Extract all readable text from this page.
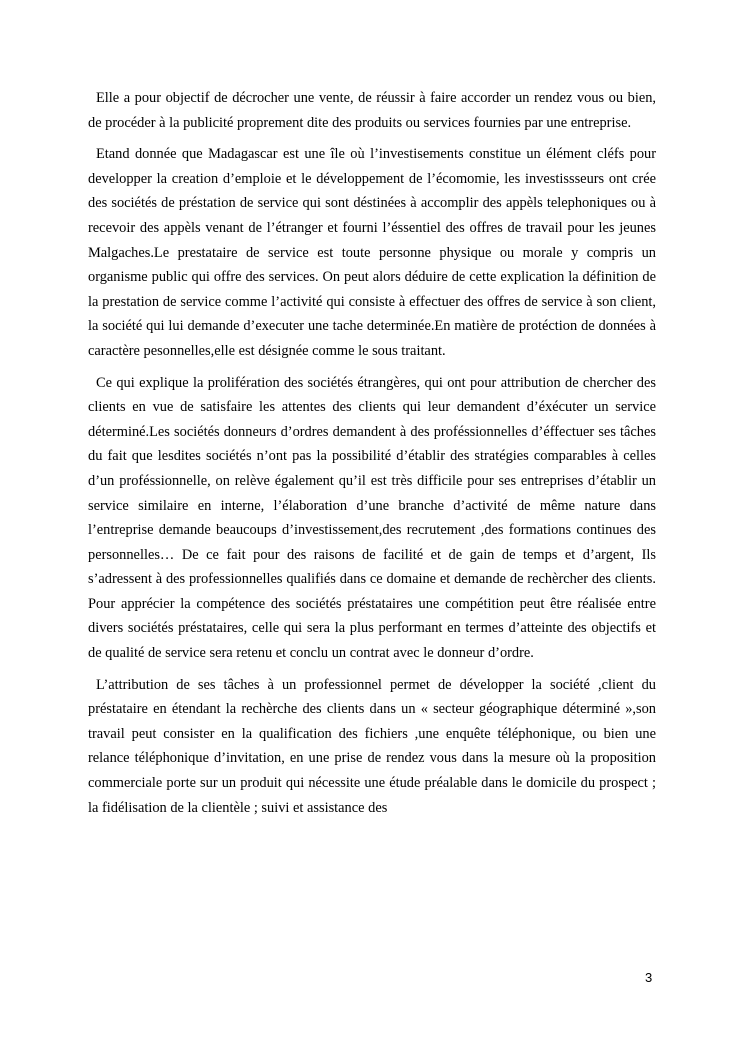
Elle a pour objectif de décrocher une vente, de réussir à faire accorder un rendez vous ou bien, de procéder à la publicité proprement dite des produits ou services fournies par une entreprise.

Etand donnée que Madagascar est une île où l’investisements constitue un élément cléfs pour developper la creation d’emploie et le développement de l’écomomie, les investissseurs ont crée des sociétés de préstation de service qui sont déstinées à accomplir des appèls telephoniques ou à recevoir des appèls venant de l’étranger et fourni l’éssentiel des offres de travail pour les jeunes Malgaches.Le prestataire de service est toute personne physique ou morale y compris un organisme public qui offre des services. On peut alors déduire de cette explication la définition de la prestation de service comme l’activité qui consiste à effectuer des offres de service à son client, la société qui lui demande d’executer une tache determinée.En matière de protéction de données à caractère pesonnelles,elle est désignée comme le sous traitant.

Ce qui explique la prolifération des sociétés étrangères, qui ont pour attribution de chercher des clients en vue de satisfaire les attentes des clients qui leur demandent d’éxécuter un service déterminé.Les sociétés donneurs d’ordres demandent à des proféssionnelles d’éffectuer ses tâches du fait que lesdites sociétés n’ont pas la possibilité d’établir des stratégies comparables à celles d’un proféssionnelle, on relève également qu’il est très difficile pour ses entreprises d’établir un service similaire en interne, l’élaboration d’une branche d’activité de même nature dans l’entreprise demande beaucoups d’investissement,des recrutement ,des formations continues des personnelles… De ce fait pour des raisons de facilité et de gain de temps et d’argent, Ils s’adressent à des professionnelles qualifiés dans ce domaine et demande de rechèrcher des clients. Pour apprécier la compétence des sociétés préstataires une compétition peut être réalisée entre divers sociétés préstataires, celle qui sera la plus performant en termes d’atteinte des objectifs et de qualité de service sera retenu et conclu un contrat avec le donneur d’ordre.

L’attribution de ses tâches à un professionnel permet de développer la société ,client du préstataire en étendant la rechèrche des clients dans un « secteur géographique déterminé »,son travail peut consister en la qualification des fichiers ,une enquête téléphonique, ou bien une relance téléphonique d’invitation, en une prise de rendez vous dans la mesure où la proposition commerciale porte sur un produit qui nécessite une étude préalable dans le domicile du prospect ; la fidélisation de la clientèle ; suivi et assistance des

3
